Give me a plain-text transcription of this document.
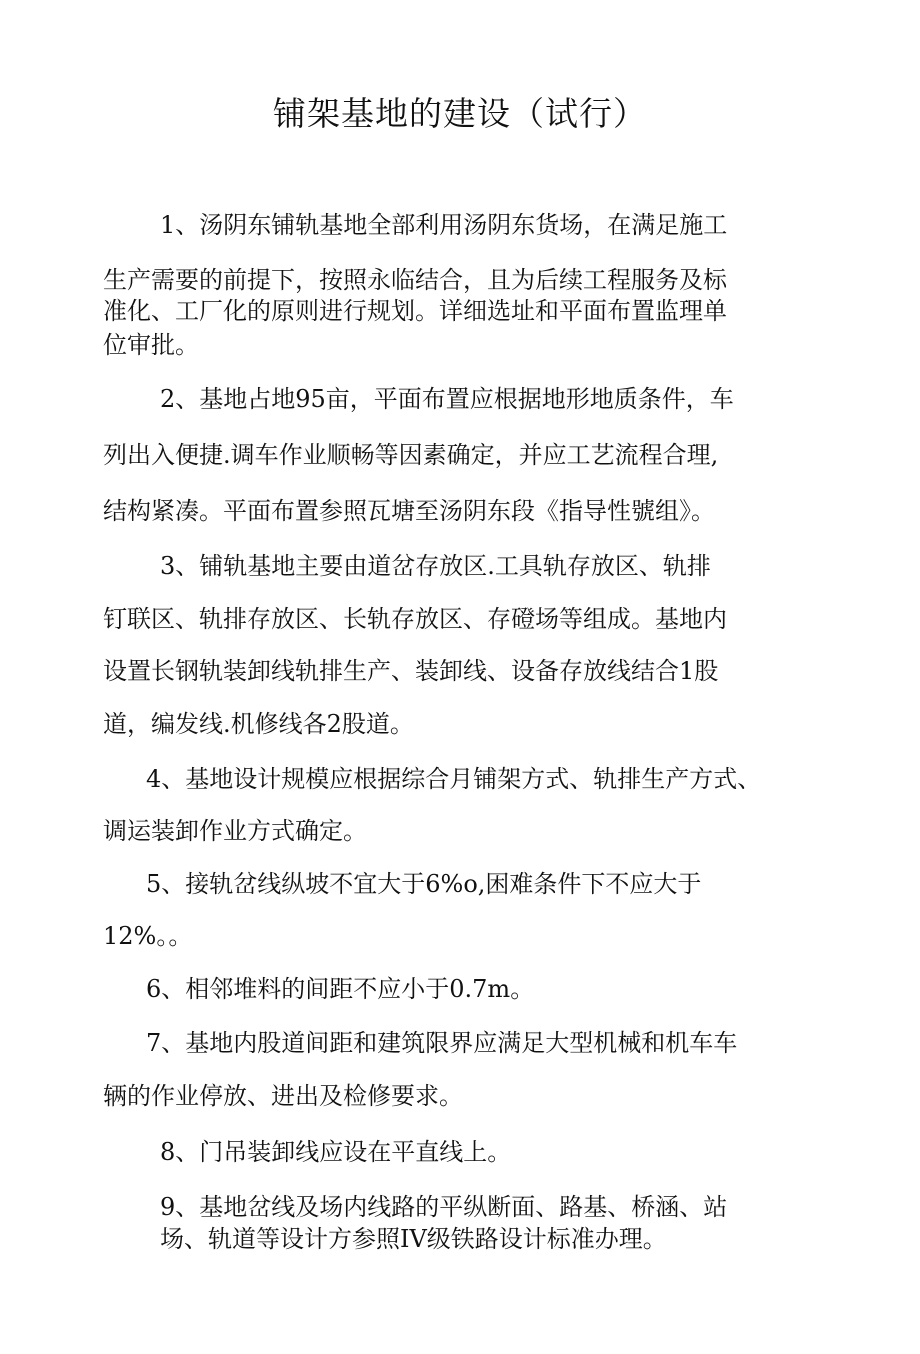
铺架基地的建设（试行）

1、汤阴东铺轨基地全部利用汤阴东货场，在满足施工

生产需要的前提下，按照永临结合，且为后续工程服务及标

准化、工厂化的原则进行规划。详细选址和平面布置监理单

位审批。

2、基地占地95亩，平面布置应根据地形地质条件，车

列出入便捷.调车作业顺畅等因素确定，并应工艺流程合理,

结构紧凑。平面布置参照瓦塘至汤阴东段《指导性號组》。

3、铺轨基地主要由道岔存放区.工具轨存放区、轨排

钉联区、轨排存放区、长轨存放区、存磴场等组成。基地内

设置长钢轨装卸线轨排生产、装卸线、设备存放线结合1股

道，编发线.机修线各2股道。

4、基地设计规模应根据综合月铺架方式、轨排生产方式、

调运装卸作业方式确定。

5、接轨岔线纵坡不宜大于6%o,困难条件下不应大于

12%。。

6、相邻堆料的间距不应小于0.7m。

7、基地内股道间距和建筑限界应满足大型机械和机车车

辆的作业停放、进出及检修要求。

8、门吊装卸线应设在平直线上。

9、基地岔线及场内线路的平纵断面、路基、桥涵、站

场、轨道等设计方参照IV级铁路设计标准办理。
